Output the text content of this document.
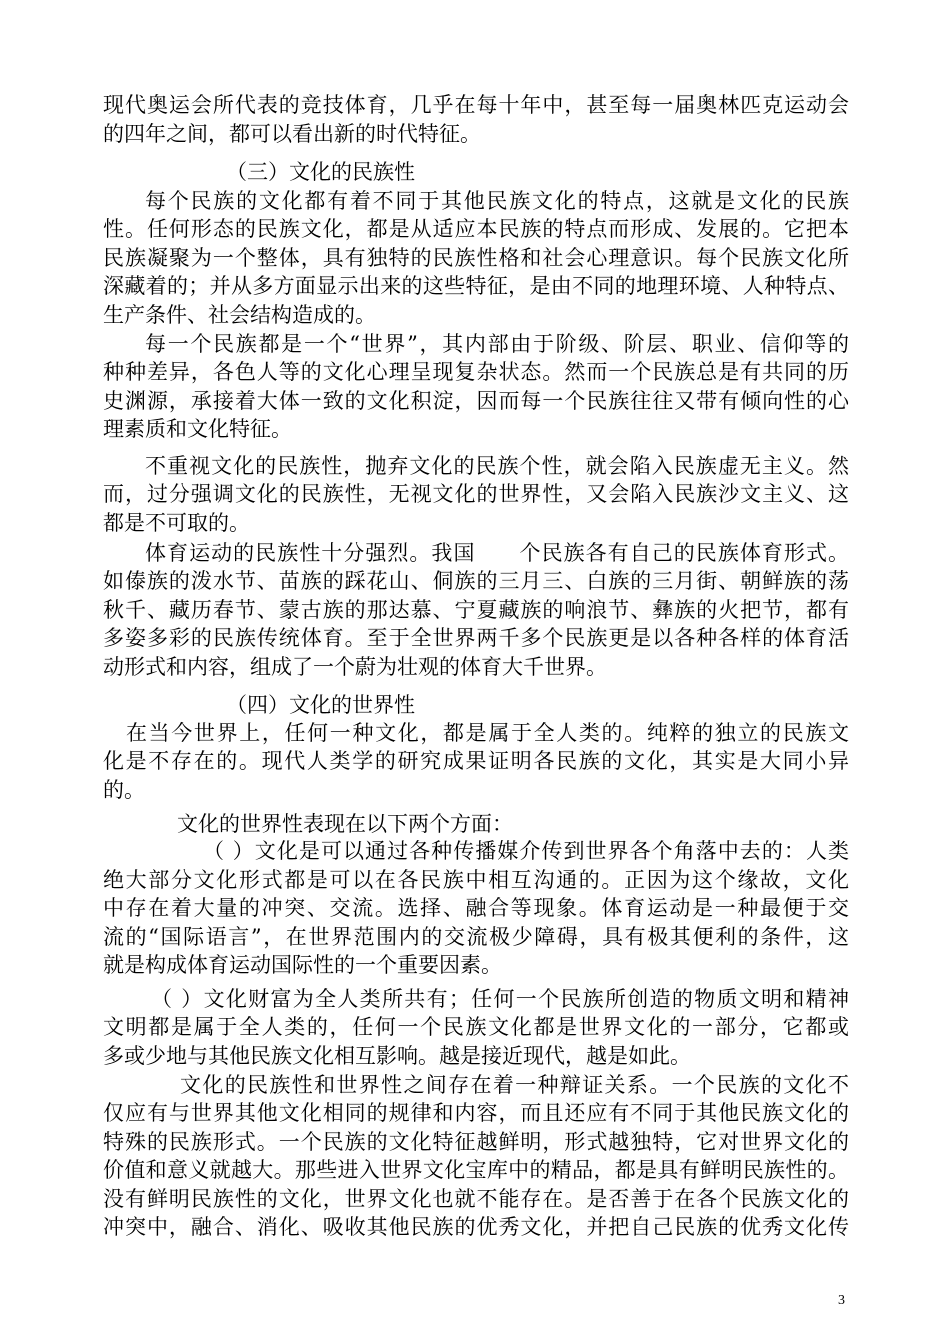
现代奥运会所代表的竞技体育，几乎在每十年中，甚至每一届奥林匹克运动会
的四年之间，都可以看出新的时代特征。
（三）文化的民族性
每个民族的文化都有着不同于其他民族文化的特点，这就是文化的民族
性。任何形态的民族文化，都是从适应本民族的特点而形成、发展的。它把本
民族凝聚为一个整体，具有独特的民族性格和社会心理意识。每个民族文化所
深藏着的；并从多方面显示出来的这些特征，是由不同的地理环境、人种特点、
生产条件、社会结构造成的。
每一个民族都是一个“世界”，其内部由于阶级、阶层、职业、信仰等的
种种差异，各色人等的文化心理呈现复杂状态。然而一个民族总是有共同的历
史渊源，承接着大体一致的文化积淀，因而每一个民族往往又带有倾向性的心
理素质和文化特征。
不重视文化的民族性，抛弃文化的民族个性，就会陷入民族虚无主义。然
而，过分强调文化的民族性，无视文化的世界性，又会陷入民族沙文主义、这
都是不可取的。
体育运动的民族性十分强烈。我国　　个民族各有自己的民族体育形式。
如傣族的泼水节、苗族的踩花山、侗族的三月三、白族的三月街、朝鲜族的荡
秋千、藏历春节、蒙古族的那达慕、宁夏藏族的响浪节、彝族的火把节，都有
多姿多彩的民族传统体育。至于全世界两千多个民族更是以各种各样的体育活
动形式和内容，组成了一个蔚为壮观的体育大千世界。
（四）文化的世界性
在当今世界上，任何一种文化，都是属于全人类的。纯粹的独立的民族文
化是不存在的。现代人类学的研究成果证明各民族的文化，其实是大同小异
的。
文化的世界性表现在以下两个方面：
（ ）文化是可以通过各种传播媒介传到世界各个角落中去的：人类
绝大部分文化形式都是可以在各民族中相互沟通的。正因为这个缘故，文化
中存在着大量的冲突、交流。选择、融合等现象。体育运动是一种最便于交
流的“国际语言”，在世界范围内的交流极少障碍，具有极其便利的条件，这
就是构成体育运动国际性的一个重要因素。
（ ）文化财富为全人类所共有；任何一个民族所创造的物质文明和精神
文明都是属于全人类的，任何一个民族文化都是世界文化的一部分，它都或
多或少地与其他民族文化相互影响。越是接近现代，越是如此。
文化的民族性和世界性之间存在着一种辩证关系。一个民族的文化不
仅应有与世界其他文化相同的规律和内容，而且还应有不同于其他民族文化的
特殊的民族形式。一个民族的文化特征越鲜明，形式越独特，它对世界文化的
价值和意义就越大。那些进入世界文化宝库中的精品，都是具有鲜明民族性的。
没有鲜明民族性的文化，世界文化也就不能存在。是否善于在各个民族文化的
冲突中，融合、消化、吸收其他民族的优秀文化，并把自己民族的优秀文化传
3
